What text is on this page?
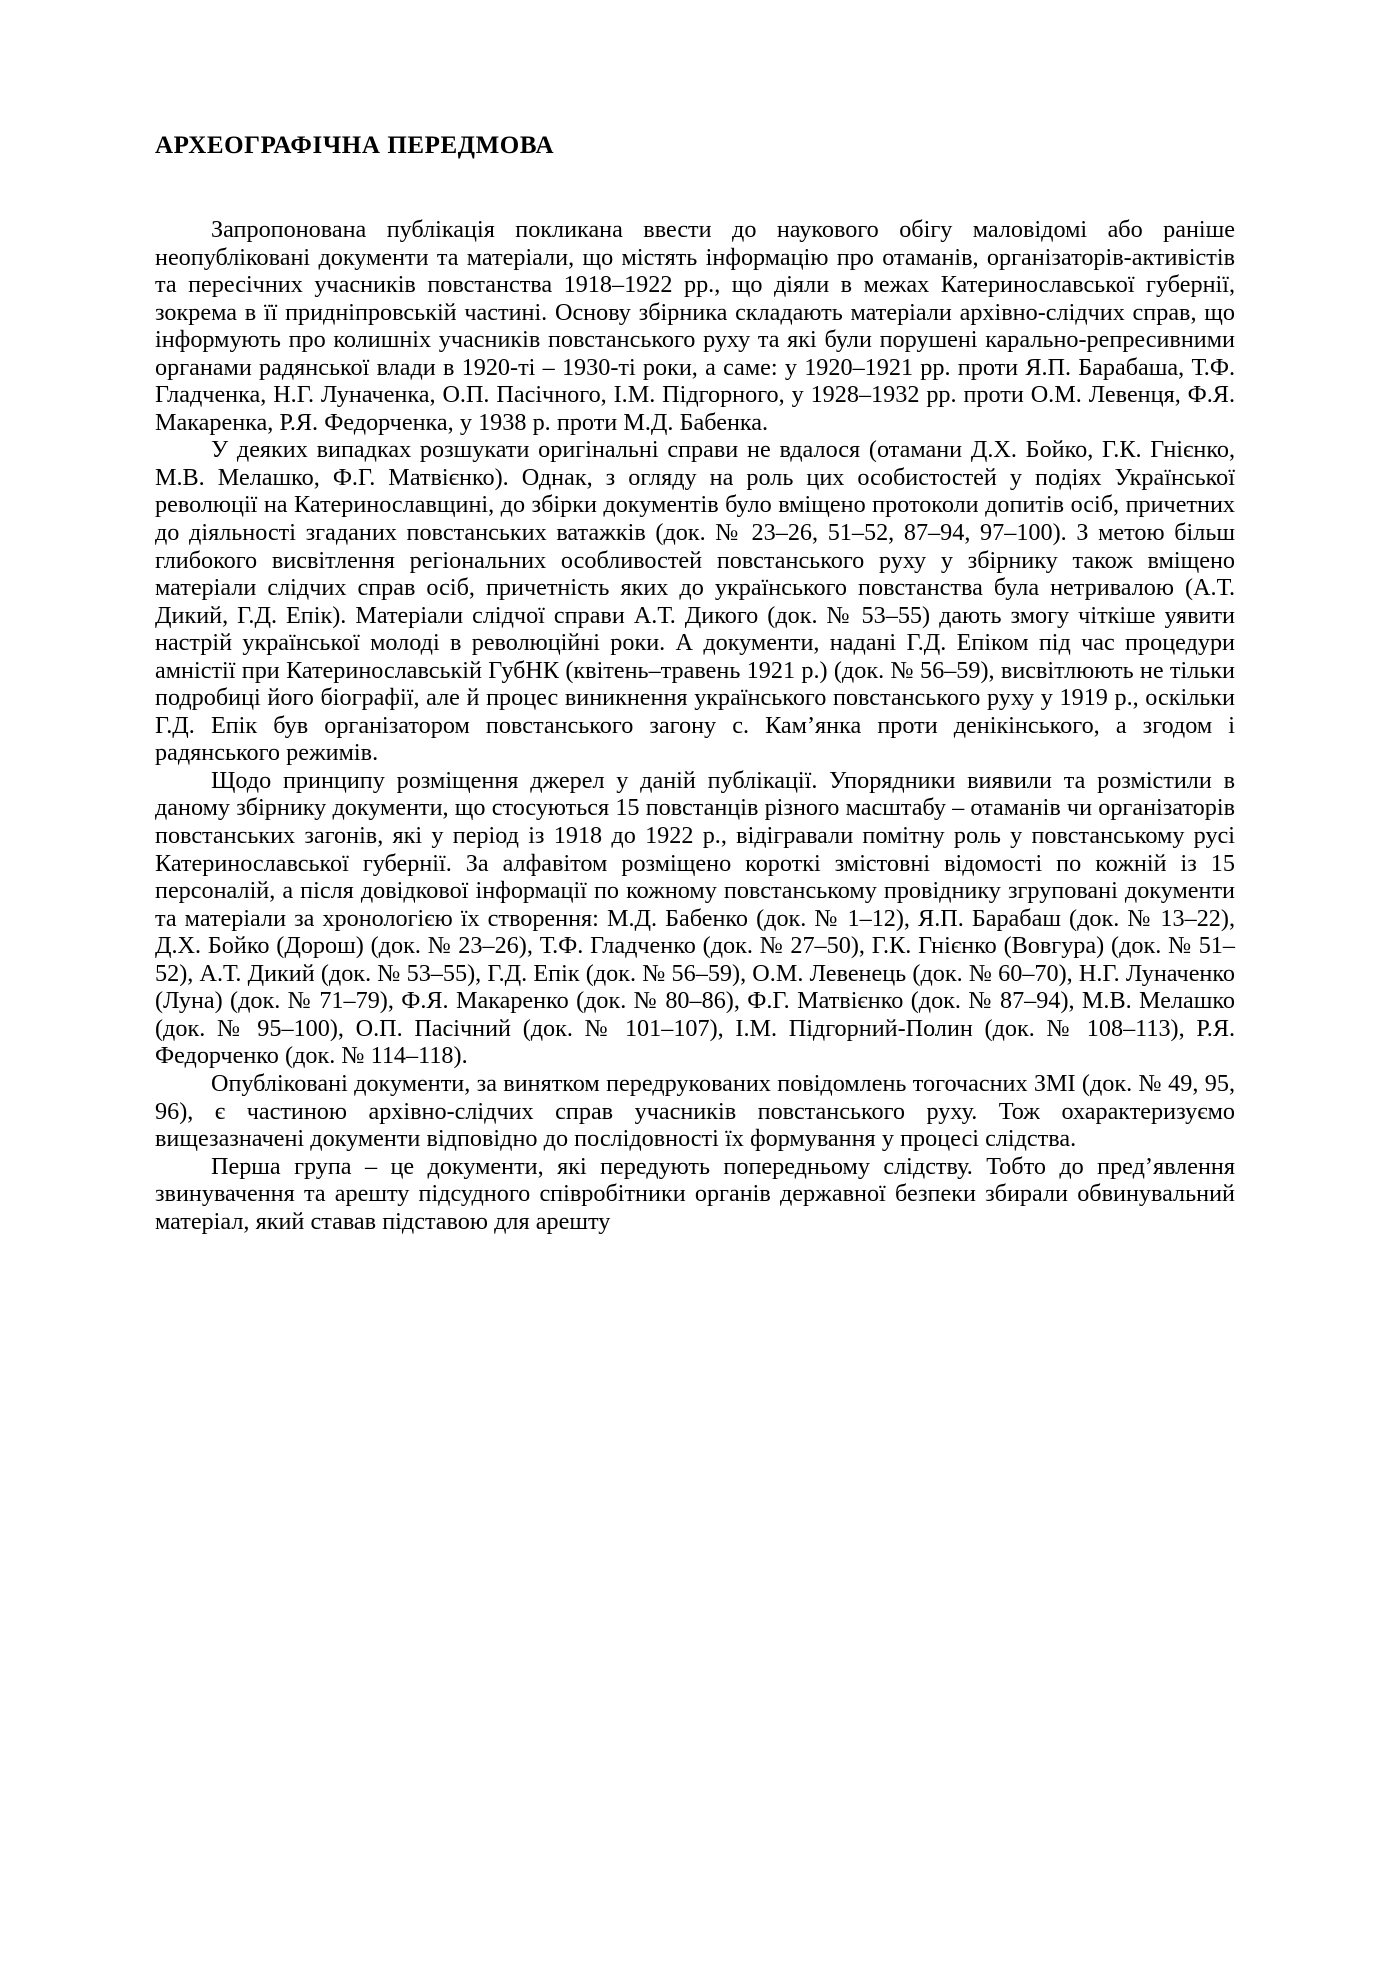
АРХЕОГРАФІЧНА ПЕРЕДМОВА

Запропонована публікація покликана ввести до наукового обігу маловідомі або раніше неопубліковані документи та матеріали, що містять інформацію про отаманів, організаторів-активістів та пересічних учасників повстанства 1918–1922 рр., що діяли в межах Катеринославської губернії, зокрема в її придніпровській частині. Основу збірника складають матеріали архівно-слідчих справ, що інформують про колишніх учасників повстанського руху та які були порушені карально-репресивними органами радянської влади в 1920-ті – 1930-ті роки, а саме: у 1920–1921 рр. проти Я.П. Барабаша, Т.Ф. Гладченка, Н.Г. Луначенка, О.П. Пасічного, І.М. Підгорного, у 1928–1932 рр. проти О.М. Левенця, Ф.Я. Макаренка, Р.Я. Федорченка, у 1938 р. проти М.Д. Бабенка.

У деяких випадках розшукати оригінальні справи не вдалося (отамани Д.Х. Бойко, Г.К. Гнієнко, М.В. Мелашко, Ф.Г. Матвієнко). Однак, з огляду на роль цих особистостей у подіях Української революції на Катеринославщині, до збірки документів було вміщено протоколи допитів осіб, причетних до діяльності згаданих повстанських ватажків (док. № 23–26, 51–52, 87–94, 97–100). З метою більш глибокого висвітлення регіональних особливостей повстанського руху у збірнику також вміщено матеріали слідчих справ осіб, причетність яких до українського повстанства була нетривалою (А.Т. Дикий, Г.Д. Епік). Матеріали слідчої справи А.Т. Дикого (док. № 53–55) дають змогу чіткіше уявити настрій української молоді в революційні роки. А документи, надані Г.Д. Епіком під час процедури амністії при Катеринославській ГубНК (квітень–травень 1921 р.) (док. № 56–59), висвітлюють не тільки подробиці його біографії, але й процес виникнення українського повстанського руху у 1919 р., оскільки Г.Д. Епік був організатором повстанського загону с. Кам’янка проти денікінського, а згодом і радянського режимів.

Щодо принципу розміщення джерел у даній публікації. Упорядники виявили та розмістили в даному збірнику документи, що стосуються 15 повстанців різного масштабу – отаманів чи організаторів повстанських загонів, які у період із 1918 до 1922 р., відігравали помітну роль у повстанському русі Катеринославської губернії. За алфавітом розміщено короткі змістовні відомості по кожній із 15 персоналій, а після довідкової інформації по кожному повстанському провіднику згруповані документи та матеріали за хронологією їх створення: М.Д. Бабенко (док. № 1–12), Я.П. Барабаш (док. № 13–22), Д.Х. Бойко (Дорош) (док. № 23–26), Т.Ф. Гладченко (док. № 27–50), Г.К. Гнієнко (Вовгура) (док. № 51–52), А.Т. Дикий (док. № 53–55), Г.Д. Епік (док. № 56–59), О.М. Левенець (док. № 60–70), Н.Г. Луначенко (Луна) (док. № 71–79), Ф.Я. Макаренко (док. № 80–86), Ф.Г. Матвієнко (док. № 87–94), М.В. Мелашко (док. № 95–100), О.П. Пасічний (док. № 101–107), І.М. Підгорний-Полин (док. № 108–113), Р.Я. Федорченко (док. № 114–118).

Опубліковані документи, за винятком передрукованих повідомлень тогочасних ЗМІ (док. № 49, 95, 96), є частиною архівно-слідчих справ учасників повстанського руху. Тож охарактеризуємо вищезазначені документи відповідно до послідовності їх формування у процесі слідства.

Перша група – це документи, які передують попередньому слідству. Тобто до пред’явлення звинувачення та арешту підсудного співробітники органів державної безпеки збирали обвинувальний матеріал, який ставав підставою для арешту
